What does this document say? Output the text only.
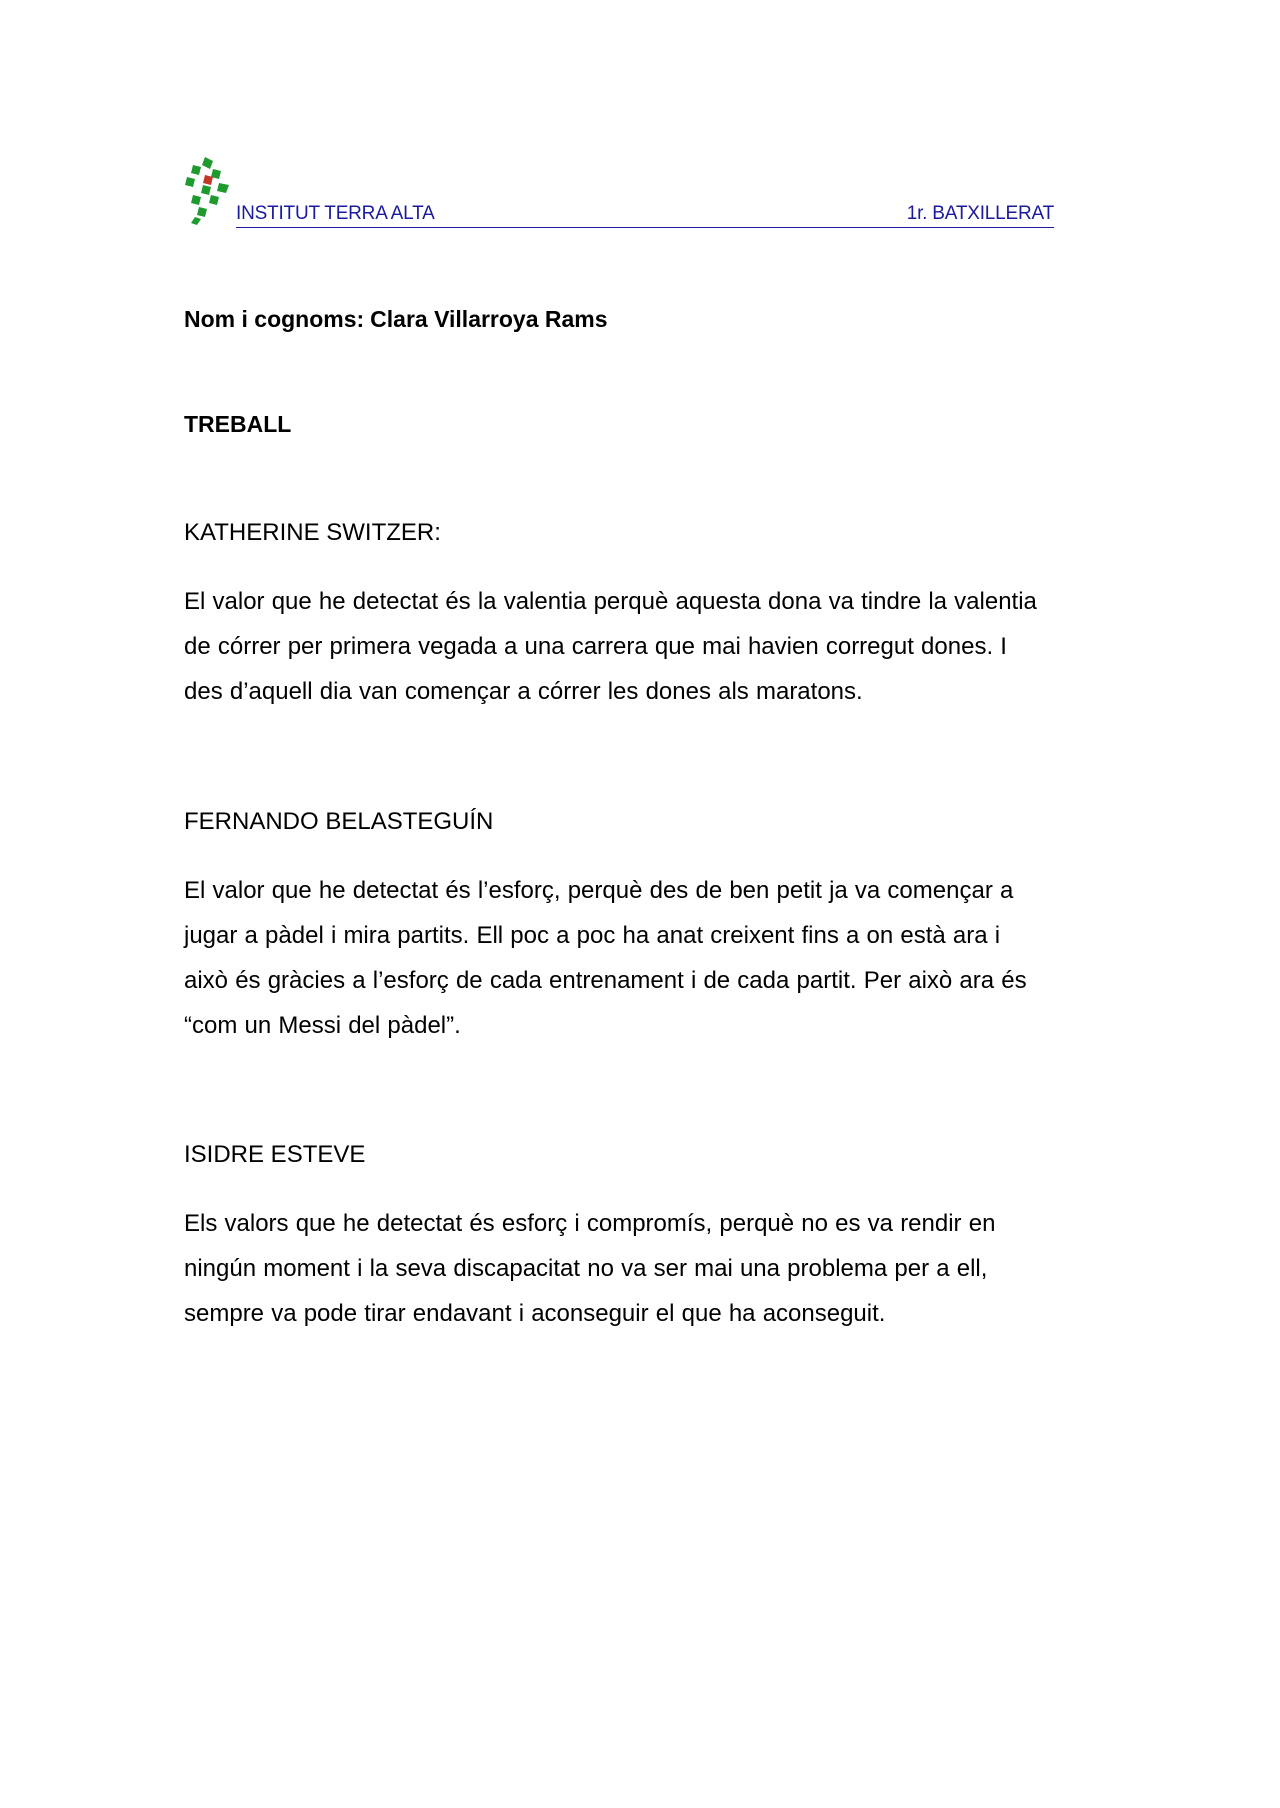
INSTITUT TERRA ALTA	1r. BATXILLERAT
Nom i cognoms: Clara Villarroya Rams
TREBALL
KATHERINE SWITZER:

El valor que he detectat és la valentia perquè aquesta dona va tindre la valentia
de córrer per primera vegada a una carrera que mai havien corregut dones. I
des d’aquell dia van començar a córrer les dones als maratons.

FERNANDO BELASTEGUÍN

El valor que he detectat és l’esforç, perquè des de ben petit ja va començar a
jugar a pàdel i mira partits. Ell poc a poc ha anat creixent fins a on està ara i
això és gràcies a l’esforç de cada entrenament i de cada partit. Per això ara és
“com un Messi del pàdel”.

ISIDRE ESTEVE

Els valors que he detectat és esforç i compromís, perquè no es va rendir en
ningún moment i la seva discapacitat no va ser mai una problema per a ell,
sempre va pode tirar endavant i aconseguir el que ha aconseguit.
